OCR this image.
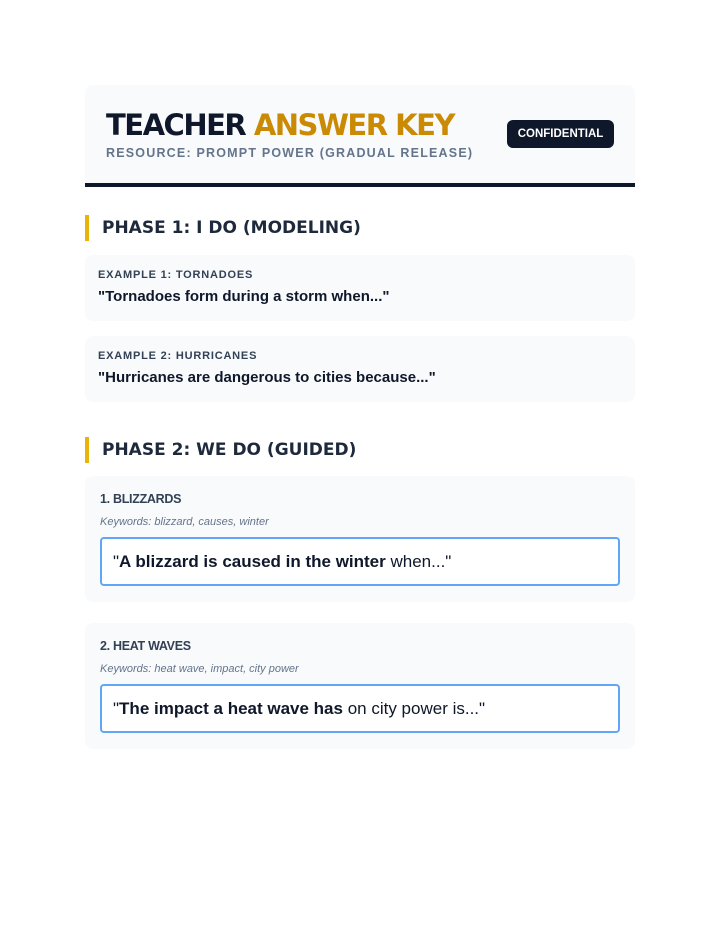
TEACHER ANSWER KEY
RESOURCE: PROMPT POWER (GRADUAL RELEASE)
CONFIDENTIAL
PHASE 1: I DO (MODELING)
EXAMPLE 1: TORNADOES
"Tornadoes form during a storm when..."
EXAMPLE 2: HURRICANES
"Hurricanes are dangerous to cities because..."
PHASE 2: WE DO (GUIDED)
1. BLIZZARDS
Keywords: blizzard, causes, winter
" A blizzard is caused in the winter when..."
2. HEAT WAVES
Keywords: heat wave, impact, city power
" The impact a heat wave has on city power is..."
